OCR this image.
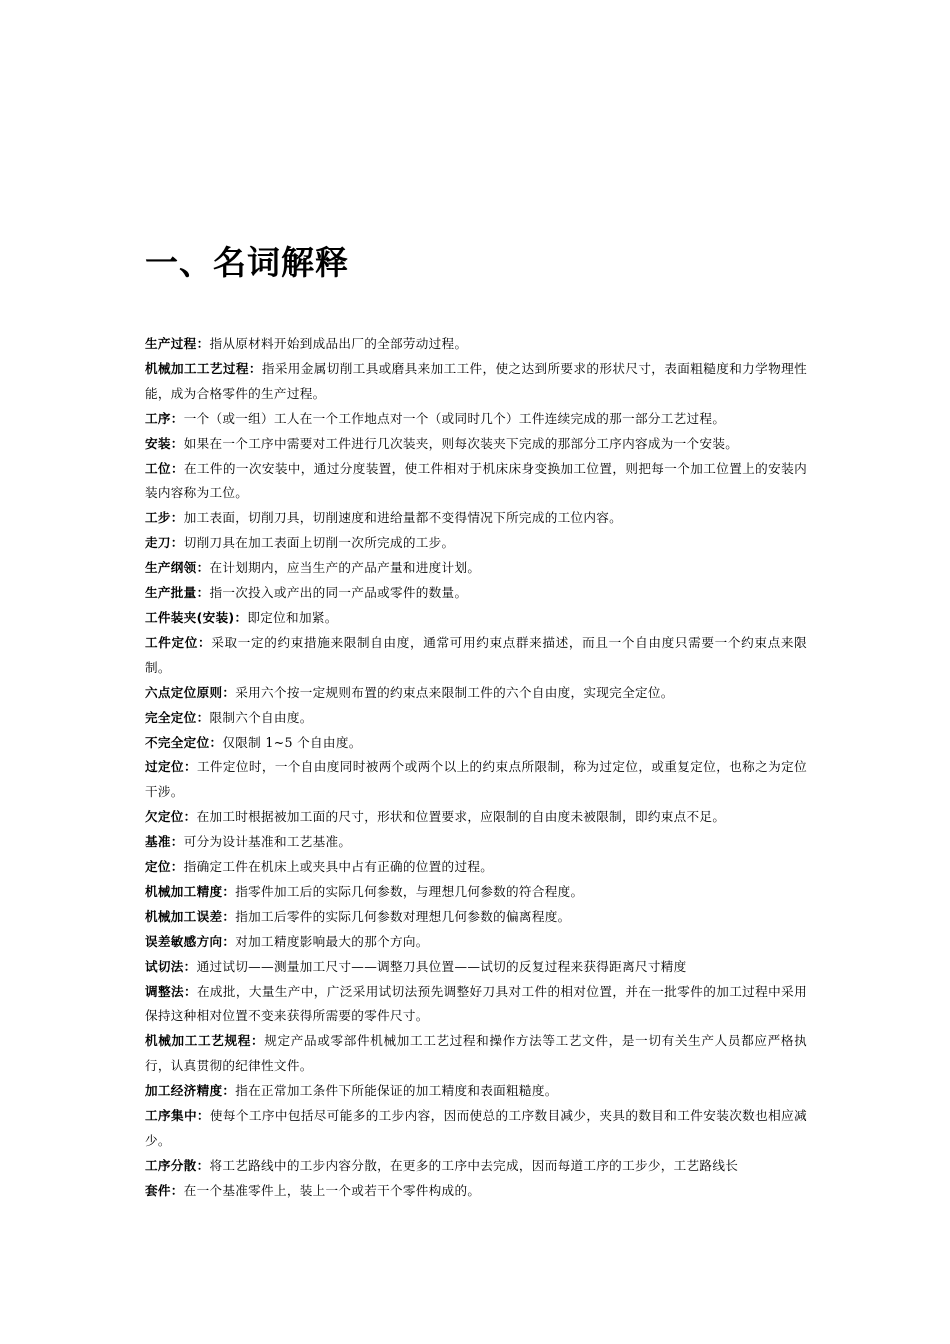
一、名词解释
生产过程：指从原材料开始到成品出厂的全部劳动过程。
机械加工工艺过程：指采用金属切削工具或磨具来加工工件，使之达到所要求的形状尺寸，表面粗糙度和力学物理性能，成为合格零件的生产过程。
工序：一个（或一组）工人在一个工作地点对一个（或同时几个）工件连续完成的那一部分工艺过程。
安装：如果在一个工序中需要对工件进行几次装夹，则每次装夹下完成的那部分工序内容成为一个安装。
工位：在工件的一次安装中，通过分度装置，使工件相对于机床床身变换加工位置，则把每一个加工位置上的安装内装内容称为工位。
工步：加工表面，切削刀具，切削速度和进给量都不变得情况下所完成的工位内容。
走刀：切削刀具在加工表面上切削一次所完成的工步。
生产纲领：在计划期内，应当生产的产品产量和进度计划。
生产批量：指一次投入或产出的同一产品或零件的数量。
工件装夹(安装)：即定位和加紧。
工件定位：采取一定的约束措施来限制自由度，通常可用约束点群来描述，而且一个自由度只需要一个约束点来限制。
六点定位原则：采用六个按一定规则布置的约束点来限制工件的六个自由度，实现完全定位。
完全定位：限制六个自由度。
不完全定位：仅限制 1~5 个自由度。
过定位：工件定位时，一个自由度同时被两个或两个以上的约束点所限制，称为过定位，或重复定位，也称之为定位干涉。
欠定位：在加工时根据被加工面的尺寸，形状和位置要求，应限制的自由度未被限制，即约束点不足。
基准：可分为设计基准和工艺基准。
定位：指确定工件在机床上或夹具中占有正确的位置的过程。
机械加工精度：指零件加工后的实际几何参数，与理想几何参数的符合程度。
机械加工误差：指加工后零件的实际几何参数对理想几何参数的偏离程度。
误差敏感方向：对加工精度影响最大的那个方向。
试切法：通过试切——测量加工尺寸——调整刀具位置——试切的反复过程来获得距离尺寸精度
调整法：在成批，大量生产中，广泛采用试切法预先调整好刀具对工件的相对位置，并在一批零件的加工过程中采用保持这种相对位置不变来获得所需要的零件尺寸。
机械加工工艺规程：规定产品或零部件机械加工工艺过程和操作方法等工艺文件，是一切有关生产人员都应严格执行，认真贯彻的纪律性文件。
加工经济精度：指在正常加工条件下所能保证的加工精度和表面粗糙度。
工序集中：使每个工序中包括尽可能多的工步内容，因而使总的工序数目减少，夹具的数目和工件安装次数也相应减少。
工序分散：将工艺路线中的工步内容分散，在更多的工序中去完成，因而每道工序的工步少，工艺路线长
套件：在一个基准零件上，装上一个或若干个零件构成的。
